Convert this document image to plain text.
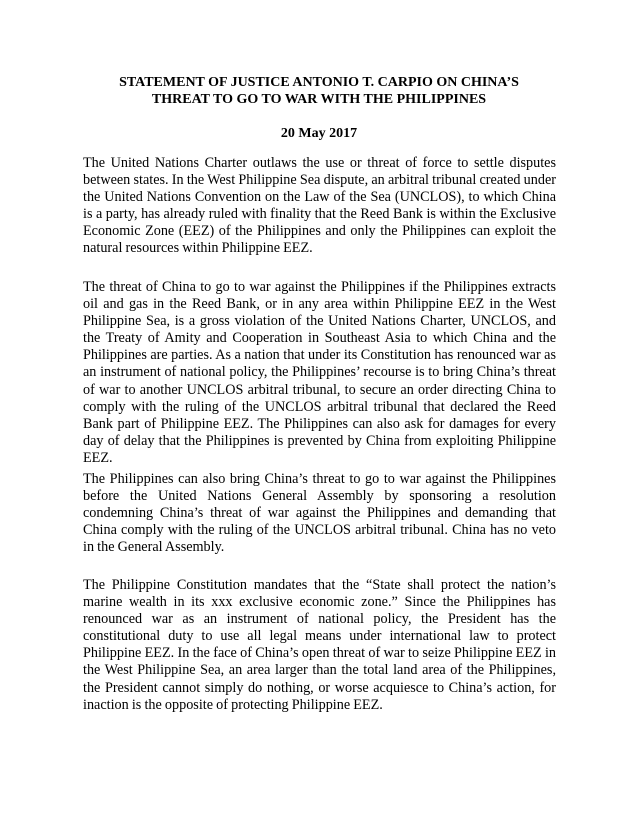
STATEMENT OF JUSTICE ANTONIO T. CARPIO ON CHINA’S
THREAT TO GO TO WAR WITH THE PHILIPPINES
20 May 2017

The United Nations Charter outlaws the use or threat of force to settle disputes between states. In the West Philippine Sea dispute, an arbitral tribunal created under the United Nations Convention on the Law of the Sea (UNCLOS), to which China is a party, has already ruled with finality that the Reed Bank is within the Exclusive Economic Zone (EEZ) of the Philippines and only the Philippines can exploit the natural resources within Philippine EEZ.

The threat of China to go to war against the Philippines if the Philippines extracts oil and gas in the Reed Bank, or in any area within Philippine EEZ in the West Philippine Sea, is a gross violation of the United Nations Charter, UNCLOS, and the Treaty of Amity and Cooperation in Southeast Asia to which China and the Philippines are parties. As a nation that under its Constitution has renounced war as an instrument of national policy, the Philippines’ recourse is to bring China’s threat of war to another UNCLOS arbitral tribunal, to secure an order directing China to comply with the ruling of the UNCLOS arbitral tribunal that declared the Reed Bank part of Philippine EEZ. The Philippines can also ask for damages for every day of delay that the Philippines is prevented by China from exploiting Philippine EEZ.

The Philippines can also bring China’s threat to go to war against the Philippines before the United Nations General Assembly by sponsoring a resolution condemning China’s threat of war against the Philippines and demanding that China comply with the ruling of the UNCLOS arbitral tribunal. China has no veto in the General Assembly.

The Philippine Constitution mandates that the “State shall protect the nation’s marine wealth in its xxx exclusive economic zone.” Since the Philippines has renounced war as an instrument of national policy, the President has the constitutional duty to use all legal means under international law to protect Philippine EEZ. In the face of China’s open threat of war to seize Philippine EEZ in the West Philippine Sea, an area larger than the total land area of the Philippines, the President cannot simply do nothing, or worse acquiesce to China’s action, for inaction is the opposite of protecting Philippine EEZ.
